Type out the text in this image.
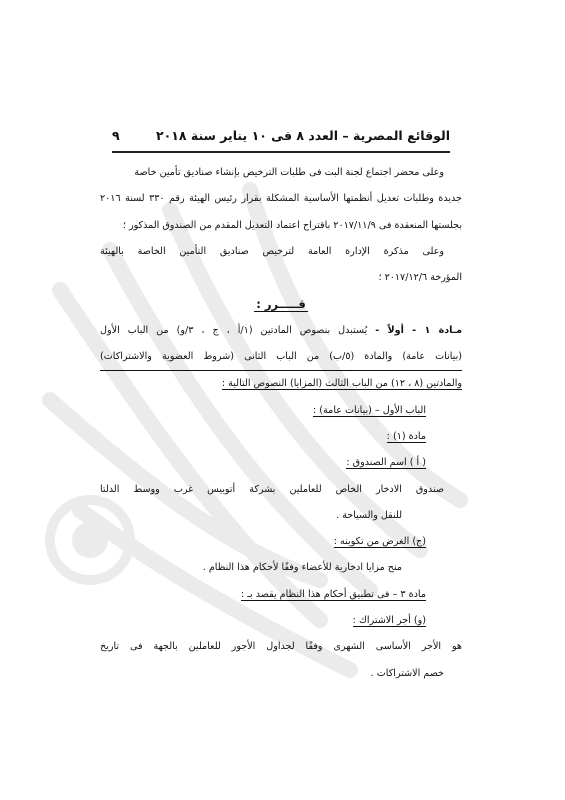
الوقائع المصرية – العدد ٨ فى ١٠ يناير سنة ٢٠١٨
٩
وعلى محضر اجتماع لجنة البت فى طلبات الترخيص بإنشاء صناديق تأمين خاصة
جديدة وطلبات تعديل أنظمتها الأساسية المشكلة بقرار رئيس الهيئة رقم ٣٣٠ لسنة ٢٠١٦
بجلستها المنعقدة فى ٢٠١٧/١١/٩ باقتراح اعتماد التعديل المقدم من الصندوق المذكور ؛
وعلى مذكرة الإدارة العامة لترخيص صناديق التأمين الخاصة بالهيئة
المؤرخة ٢٠١٧/١٢/٦ ؛
قـــــرر :
مـادة ١ - أولاً - يُستبدل بنصوص المادتين (١/أ ، ج ، ٣/و) من الباب الأول
(بيانات عامة) والمادة (٥/ب) من الباب الثانى (شروط العضوية والاشتراكات)
والمادتين (٨ ، ١٢) من الباب الثالث (المزايا) النصوص التالية :
الباب الأول – (بيانات عامة) :
مادة (١) :
( أ ) اسم الصندوق :
صندوق الادخار الخاص للعاملين بشركة أتوبيس غرب ووسط الدلتا
للنقل والسياحة .
(ج) الغرض من تكوينه :
منح مزايا ادخارية للأعضاء وفقًا لأحكام هذا النظام .
مادة ٣ – فى تطبيق أحكام هذا النظام يقصد بـ :
(و) أجر الاشتراك :
هو الأجر الأساسى الشهرى وفقًا لجداول الأجور للعاملين بالجهة فى تاريخ
خصم الاشتراكات .
